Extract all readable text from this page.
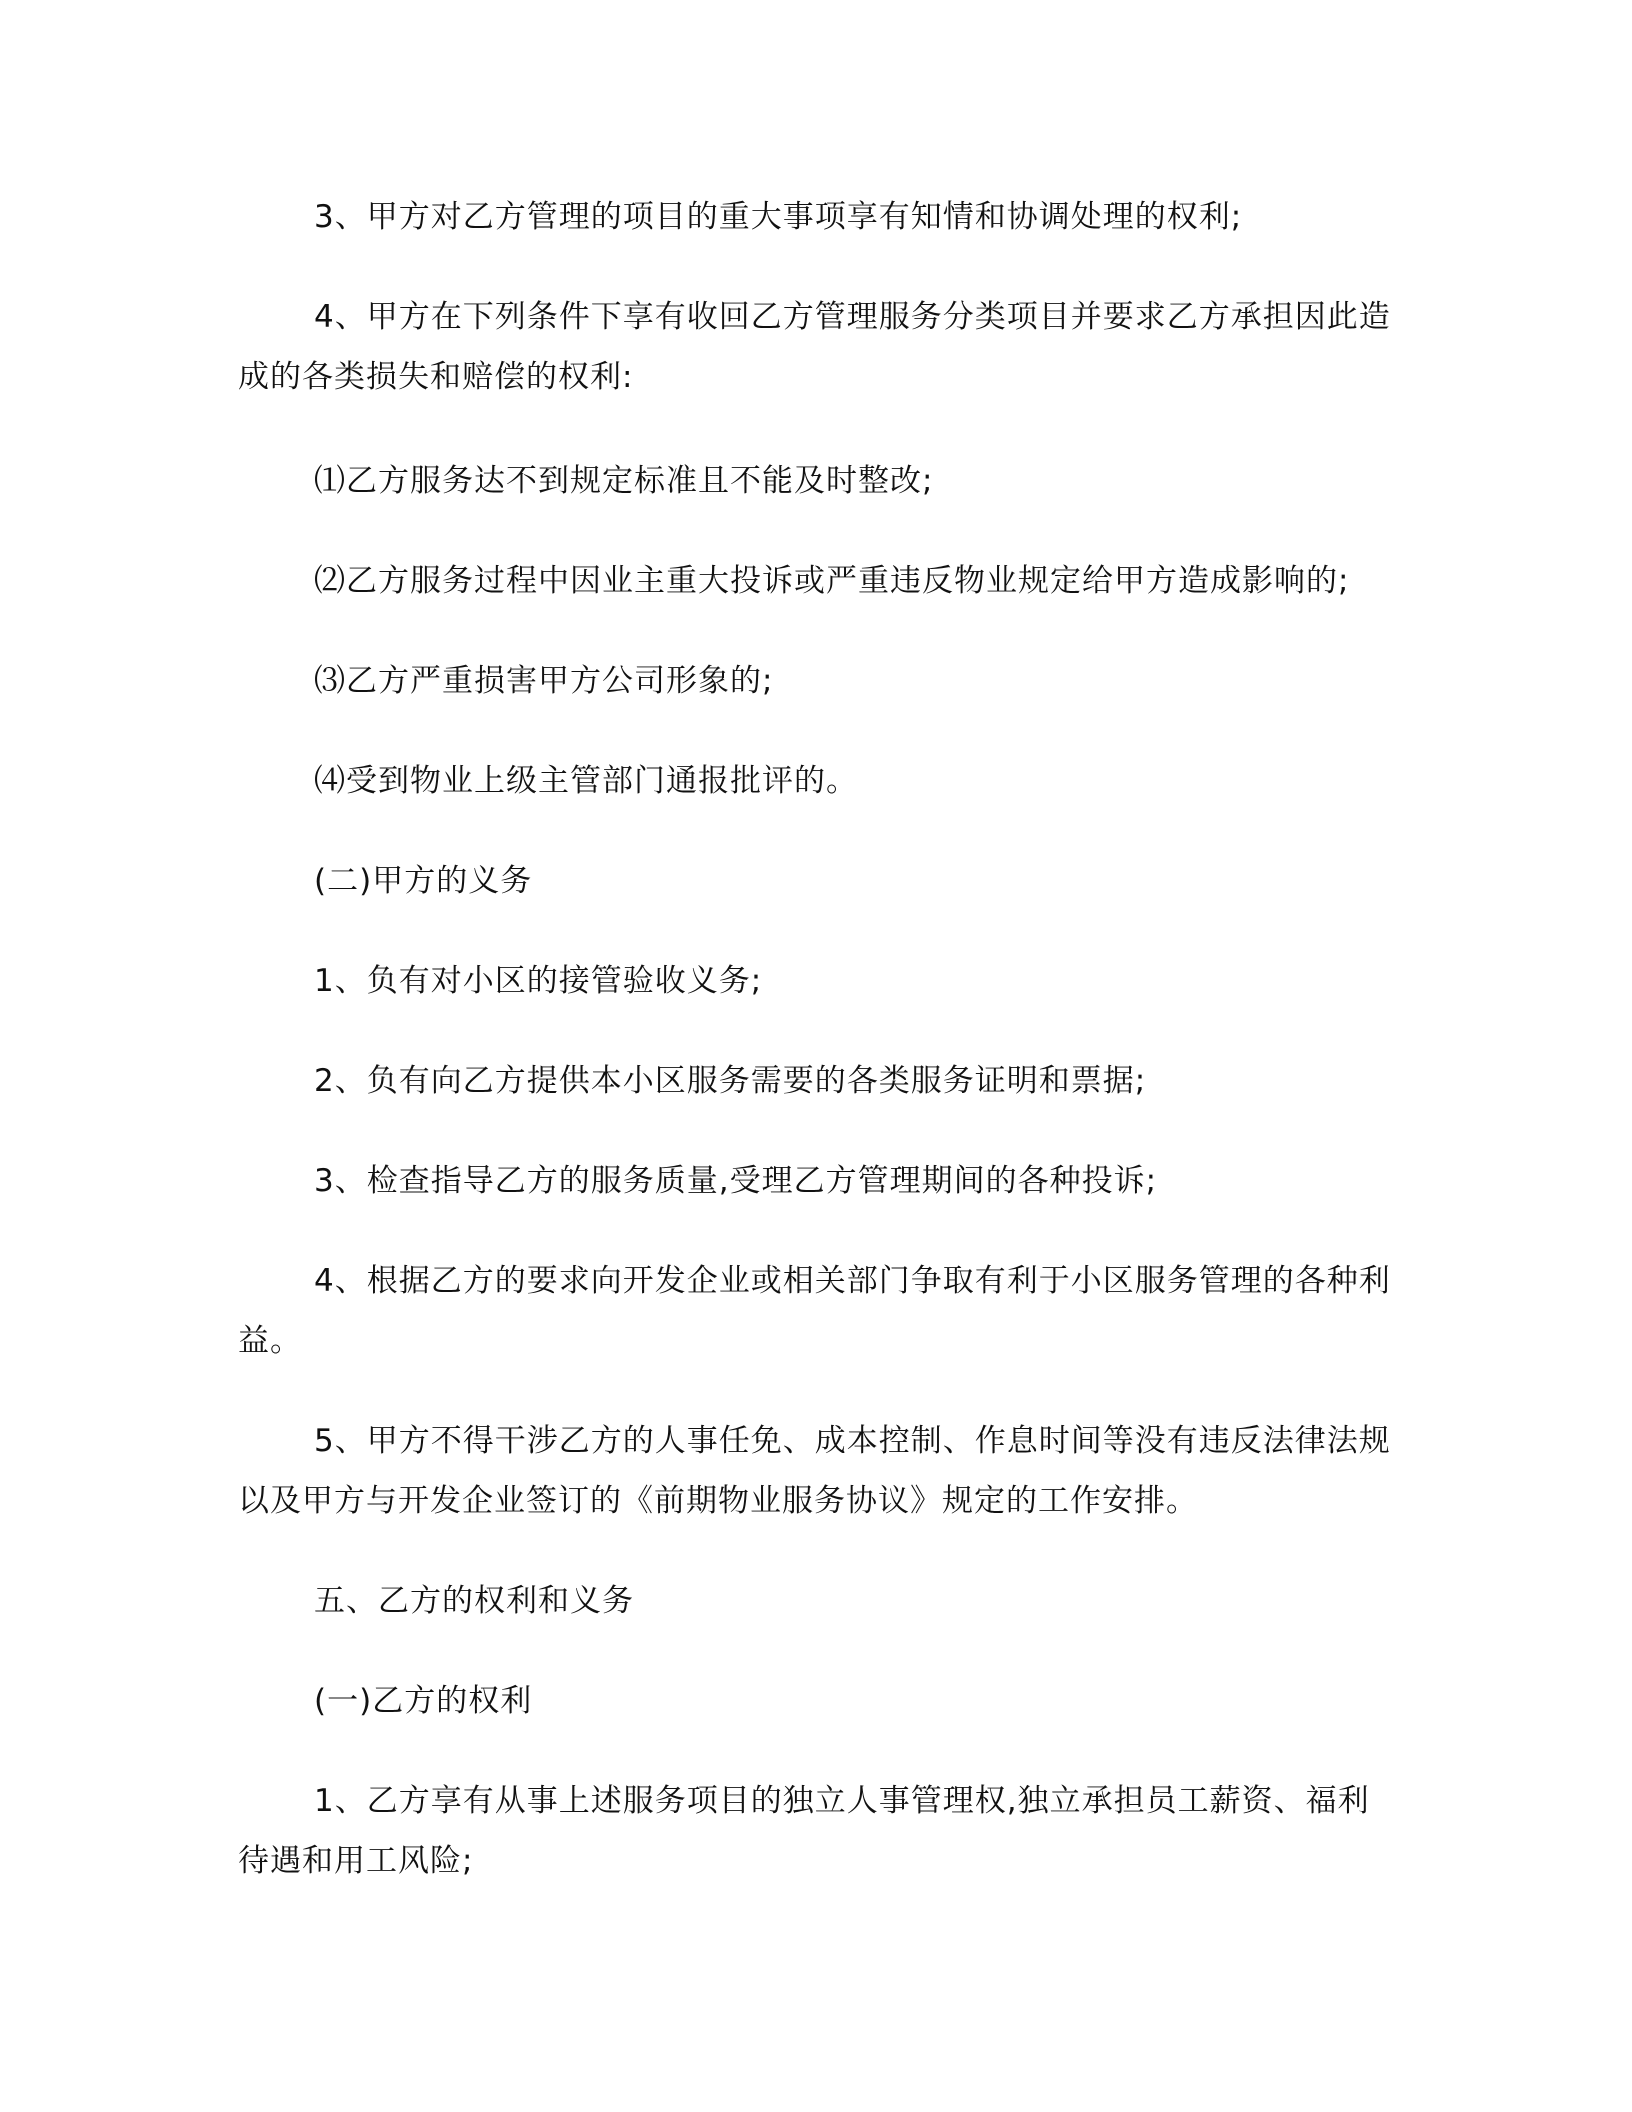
3、甲方对乙方管理的项目的重大事项享有知情和协调处理的权利;

4、甲方在下列条件下享有收回乙方管理服务分类项目并要求乙方承担因此造
成的各类损失和赔偿的权利:

⑴乙方服务达不到规定标准且不能及时整改;

⑵乙方服务过程中因业主重大投诉或严重违反物业规定给甲方造成影响的;

⑶乙方严重损害甲方公司形象的;

⑷受到物业上级主管部门通报批评的。

(二)甲方的义务

1、负有对小区的接管验收义务;

2、负有向乙方提供本小区服务需要的各类服务证明和票据;

3、检查指导乙方的服务质量,受理乙方管理期间的各种投诉;

4、根据乙方的要求向开发企业或相关部门争取有利于小区服务管理的各种利
益。

5、甲方不得干涉乙方的人事任免、成本控制、作息时间等没有违反法律法规
以及甲方与开发企业签订的《前期物业服务协议》规定的工作安排。

五、乙方的权利和义务

(一)乙方的权利

1、乙方享有从事上述服务项目的独立人事管理权,独立承担员工薪资、福利
待遇和用工风险;
